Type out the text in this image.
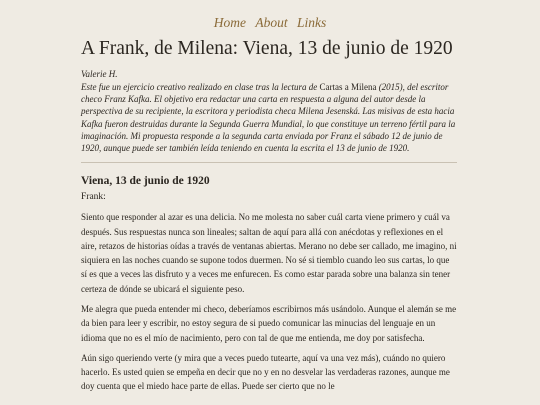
Home About Links
A Frank, de Milena: Viena, 13 de junio de 1920

Valerie H.

Este fue un ejercicio creativo realizado en clase tras la lectura de Cartas a Milena (2015), del escritor checo Franz Kafka. El objetivo era redactar una carta en respuesta a alguna del autor desde la perspectiva de su recipiente, la escritora y periodista checa Milena Jesenská. Las misivas de esta hacia Kafka fueron destruidas durante la Segunda Guerra Mundial, lo que constituye un terreno fértil para la imaginación. Mi propuesta responde a la segunda carta enviada por Franz el sábado 12 de junio de 1920, aunque puede ser también leída teniendo en cuenta la escrita el 13 de junio de 1920.

Viena, 13 de junio de 1920

Frank:

Siento que responder al azar es una delicia. No me molesta no saber cuál carta viene primero y cuál va después. Sus respuestas nunca son lineales; saltan de aquí para allá con anécdotas y reflexiones en el aire, retazos de historias oídas a través de ventanas abiertas. Merano no debe ser callado, me imagino, ni siquiera en las noches cuando se supone todos duermen. No sé si tiemblo cuando leo sus cartas, lo que sí es que a veces las disfruto y a veces me enfurecen. Es como estar parada sobre una balanza sin tener certeza de dónde se ubicará el siguiente peso.

Me alegra que pueda entender mi checo, deberíamos escribirnos más usándolo. Aunque el alemán se me da bien para leer y escribir, no estoy segura de si puedo comunicar las minucias del lenguaje en un idioma que no es el mío de nacimiento, pero con tal de que me entienda, me doy por satisfecha.

Aún sigo queriendo verte (y mira que a veces puedo tutearte, aquí va una vez más), cuándo no quiero hacerlo. Es usted quien se empeña en decir que no y en no desvelar las verdaderas razones, aunque me doy cuenta que el miedo hace parte de ellas. Puede ser cierto que no le
